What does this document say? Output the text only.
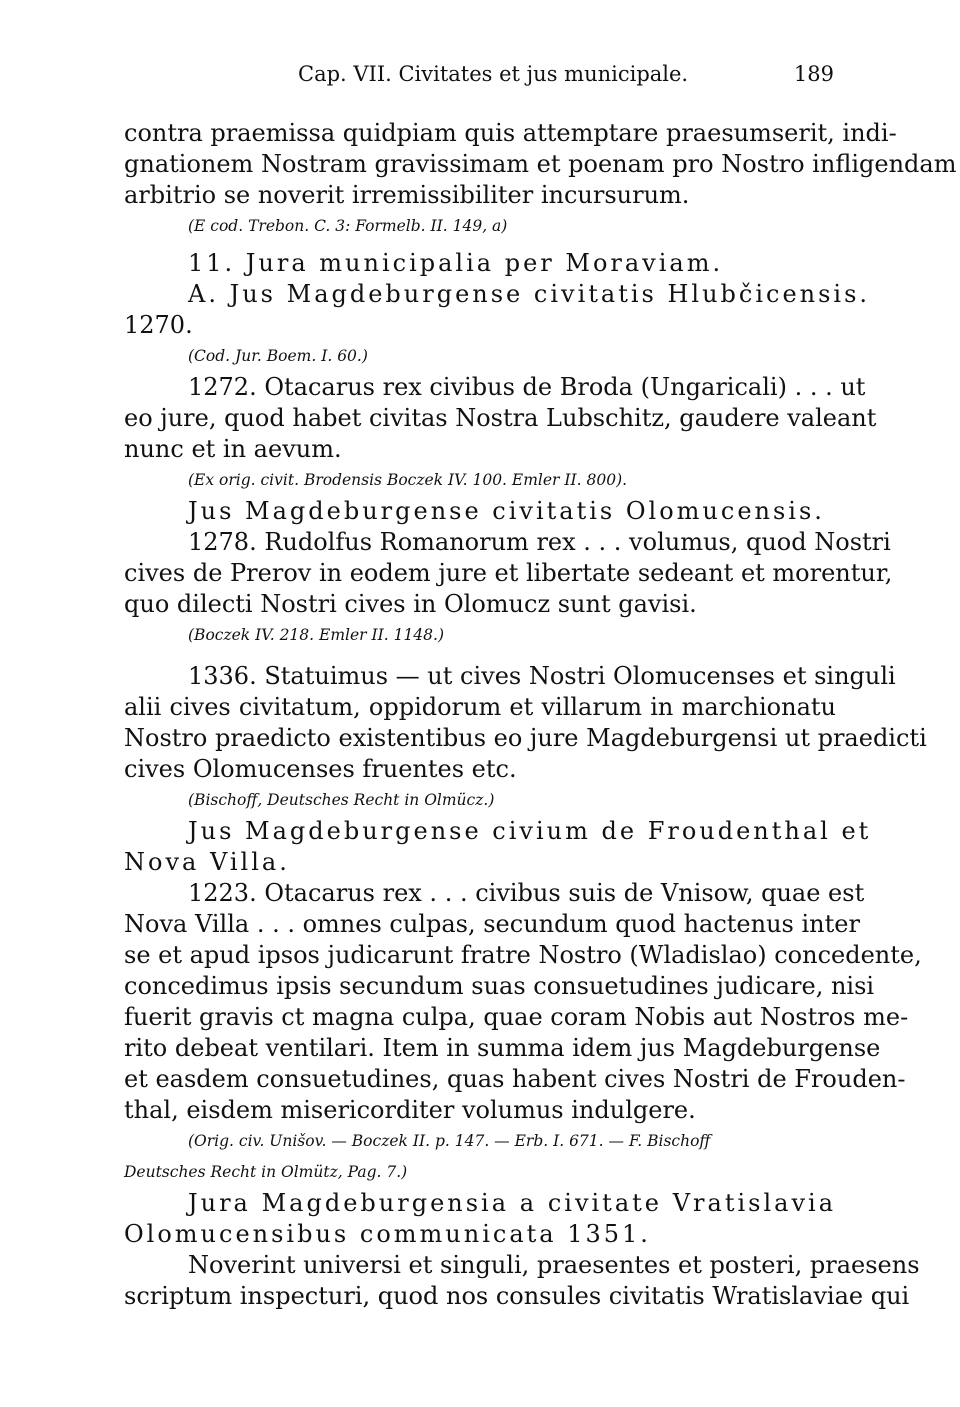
Cap. VII. Civitates et jus municipale.	189
contra praemissa quidpiam quis attemptare praesumserit, indi-
gnationem Nostram gravissimam et poenam pro Nostro infligendam
arbitrio se noverit irremissibiliter incursurum.
(E cod. Trebon. C. 3: Formelb. II. 149, a)
11. Jura municipalia per Moraviam.
A. Jus Magdeburgense civitatis Hlubčicensis.
1270.
(Cod. Jur. Boem. I. 60.)
1272. Otacarus rex civibus de Broda (Ungaricali) . . . ut
eo jure, quod habet civitas Nostra Lubschitz, gaudere valeant
nunc et in aevum.
(Ex orig. civit. Brodensis Boczek IV. 100. Emler II. 800).
Jus Magdeburgense civitatis Olomucensis.
1278. Rudolfus Romanorum rex . . . volumus, quod Nostri
cives de Prerov in eodem jure et libertate sedeant et morentur,
quo dilecti Nostri cives in Olomucz sunt gavisi.
(Boczek IV. 218. Emler II. 1148.)
1336. Statuimus — ut cives Nostri Olomucenses et singuli
alii cives civitatum, oppidorum et villarum in marchionatu
Nostro praedicto existentibus eo jure Magdeburgensi ut praedicti
cives Olomucenses fruentes etc.
(Bischoff, Deutsches Recht in Olmücz.)
Jus Magdeburgense civium de Froudenthal et
Nova Villa.
1223. Otacarus rex . . . civibus suis de Vnisow, quae est
Nova Villa . . . omnes culpas, secundum quod hactenus inter
se et apud ipsos judicarunt fratre Nostro (Wladislao) concedente,
concedimus ipsis secundum suas consuetudines judicare, nisi
fuerit gravis ct magna culpa, quae coram Nobis aut Nostros me-
rito debeat ventilari. Item in summa idem jus Magdeburgense
et easdem consuetudines, quas habent cives Nostri de Frouden-
thal, eisdem misericorditer volumus indulgere.
(Orig. civ. Unišov. — Boczek II. p. 147. — Erb. I. 671. — F. Bischoff
Deutsches Recht in Olmütz, Pag. 7.)
Jura Magdeburgensia a civitate Vratislavia
Olomucensibus communicata 1351.
Noverint universi et singuli, praesentes et posteri, praesens
scriptum inspecturi, quod nos consules civitatis Wratislaviae qui
